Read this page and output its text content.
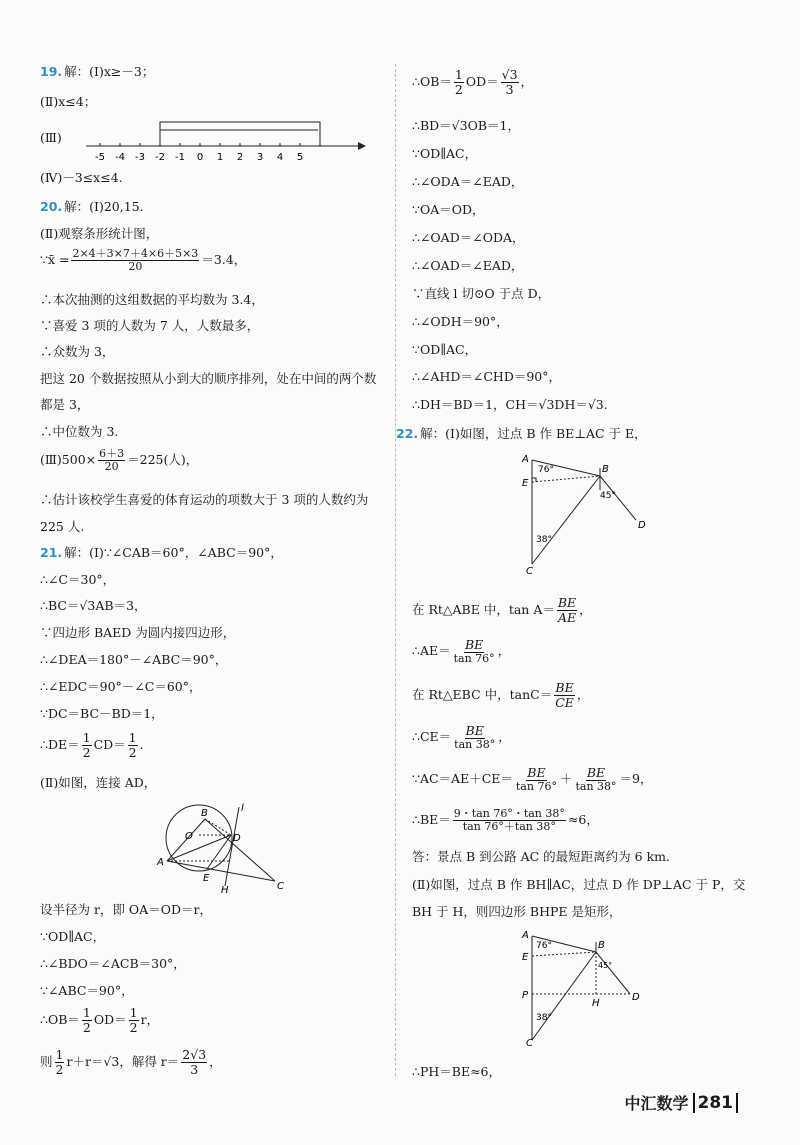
19. 解：(Ⅰ)x≥－3；
(Ⅱ)x≤4；
(Ⅲ)
-5 -4 -3 -2 -1 0 1 2 3 4 5
(Ⅳ)－3≤x≤4.
20. 解：(Ⅰ)20,15.
(Ⅱ)观察条形统计图，
∵x̄ = $\frac{2\times 4+3\times 7+4\times 6+5\times 3}{20} =3.4$，
∴本次抽测的这组数据的平均数为 3.4，
∵喜爱 3 项的人数为 7 人，人数最多，
∴众数为 3，
把这 20 个数据按照从小到大的顺序排列，处在中间的两个数
都是 3，
∴中位数为 3.
(Ⅲ)500× $\frac{6+3}{20} =225$(人)，
∴估计该校学生喜爱的体育运动的项数大于 3 项的人数约为
225 人.
21. 解：(Ⅰ)∵∠CAB＝60°，∠ABC＝90°，
∴∠C＝30°，
∴BC＝√3AB＝3，
∵四边形 BAED 为圆内接四边形，
∴∠DEA＝180°－∠ABC＝90°，
∴∠EDC＝90°－∠C＝60°，
∵DC＝BC－BD＝1，
∴DE＝ $\frac{1}{2} CD= \frac{1}{2}$ .
(Ⅱ)如图，连接 AD，
B	l
O	D
A
E
H	C
设半径为 r，即 OA＝OD＝r，
∵OD∥AC，
∴∠BDO＝∠ACB＝30°，
∵∠ABC＝90°，
∴OB＝ $\frac{1}{2} OD= \frac{1}{2}$ r，
则 $\frac{1}{2} r+r=√3$，解得 $r= \frac{2√3}{3}$ ，
∴OB＝ $\frac{1}{2} OD= \frac{√3}{3}$ ，
∴BD＝√3OB＝1，
∵OD∥AC，
∴∠ODA＝∠EAD，
∵OA＝OD，
∴∠OAD＝∠ODA，
∴∠OAD＝∠EAD，
∵直线 l 切⊙O 于点 D，
∴∠ODH＝90°，
∵OD∥AC，
∴∠AHD＝∠CHD＝90°，
∴DH＝BD＝1，CH＝√3DH＝√3.
22. 解：(Ⅰ)如图，过点 B 作 BE⊥AC 于 E，
A
76°	B
E
45°
38°
D
C
在 Rt△ABE 中，$\tan A= \frac{BE}{AE}$ ，
∴AE＝ $\frac{BE}{\tan 76^\circ}$ ，
在 Rt△EBC 中，$\tan C= \frac{BE}{CE}$ ，
∴CE＝ $\frac{BE}{\tan 38^\circ}$ ，
∵AC＝AE＋CE＝ $\frac{BE}{\tan 76^\circ} + \frac{BE}{\tan 38^\circ} =9$，
∴BE＝ $\frac{9・\tan 76^\circ・\tan 38^\circ}{\tan 76^\circ+\tan 38^\circ} \approx 6$，
答：景点 B 到公路 AC 的最短距离约为 6 km.
(Ⅱ)如图，过点 B 作 BH∥AC，过点 D 作 DP⊥AC 于 P，交
BH 于 H，则四边形 BHPE 是矩形，
A
76°	B
E
45°
P
H
D
38°
C
∴PH＝BE≈6，
中汇数学 281
